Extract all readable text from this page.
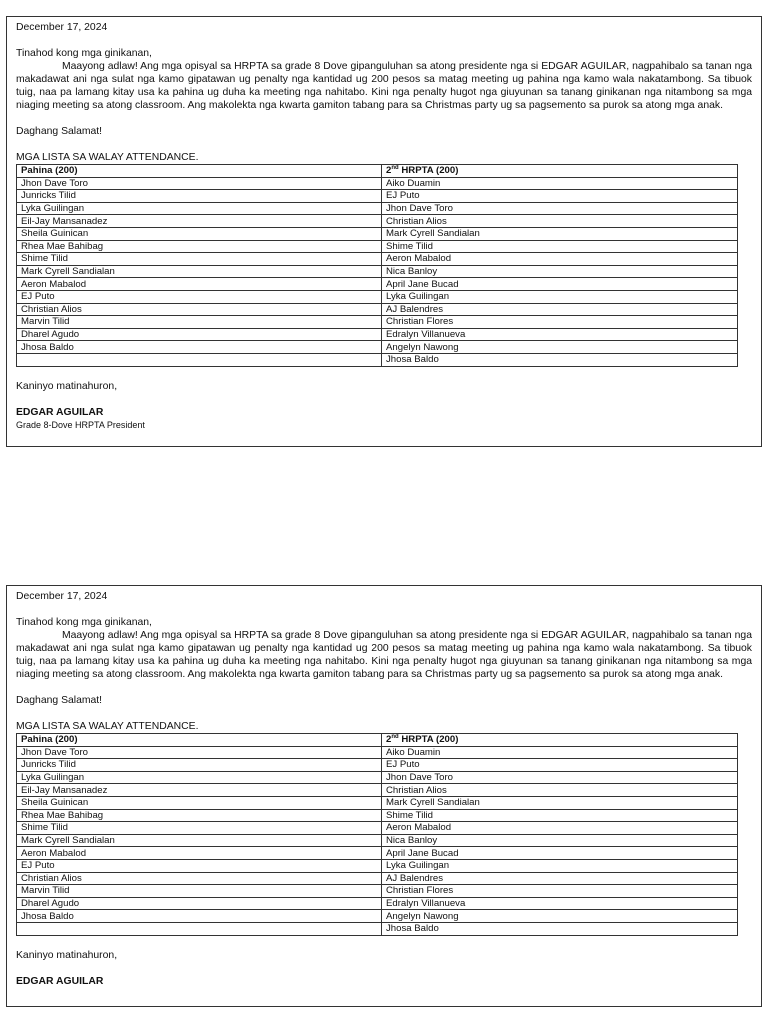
December 17, 2024
Tinahod kong mga ginikanan,
Maayong adlaw! Ang mga opisyal sa HRPTA sa grade 8 Dove gipanguluhan sa atong presidente nga si EDGAR AGUILAR, nagpahibalo sa tanan nga makadawat ani nga sulat nga kamo gipatawan ug penalty nga kantidad ug 200 pesos sa matag meeting ug pahina nga kamo wala nakatambong. Sa tibuok tuig, naa pa lamang kitay usa ka pahina ug duha ka meeting nga nahitabo. Kini nga penalty hugot nga giuyunan sa tanang ginikanan nga nitambong sa mga niaging meeting sa atong classroom. Ang makolekta nga kwarta gamiton tabang para sa Christmas party ug sa pagsemento sa purok sa atong mga anak.
Daghang Salamat!
MGA LISTA SA WALAY ATTENDANCE.
Pahina (200)	2nd HRPTA (200)
Jhon Dave Toro	Aiko Duamin
Junricks Tilid	EJ Puto
Lyka Guilingan	Jhon Dave Toro
Eil-Jay Mansanadez	Christian Alios
Sheila Guinican	Mark Cyrell Sandialan
Rhea Mae Bahibag	Shime Tilid
Shime Tilid	Aeron Mabalod
Mark Cyrell Sandialan	Nica Banloy
Aeron Mabalod	April Jane Bucad
EJ Puto	Lyka Guilingan
Christian Alios	AJ Balendres
Marvin Tilid	Christian Flores
Dharel Agudo	Edralyn Villanueva
Jhosa Baldo	Angelyn Nawong
	Jhosa Baldo
Kaninyo matinahuron,
EDGAR AGUILAR
Grade 8-Dove HRPTA President
December 17, 2024
Tinahod kong mga ginikanan,
Maayong adlaw! Ang mga opisyal sa HRPTA sa grade 8 Dove gipanguluhan sa atong presidente nga si EDGAR AGUILAR, nagpahibalo sa tanan nga makadawat ani nga sulat nga kamo gipatawan ug penalty nga kantidad ug 200 pesos sa matag meeting ug pahina nga kamo wala nakatambong. Sa tibuok tuig, naa pa lamang kitay usa ka pahina ug duha ka meeting nga nahitabo. Kini nga penalty hugot nga giuyunan sa tanang ginikanan nga nitambong sa mga niaging meeting sa atong classroom. Ang makolekta nga kwarta gamiton tabang para sa Christmas party ug sa pagsemento sa purok sa atong mga anak.
Daghang Salamat!
MGA LISTA SA WALAY ATTENDANCE.
Pahina (200)	2nd HRPTA (200)
Jhon Dave Toro	Aiko Duamin
Junricks Tilid	EJ Puto
Lyka Guilingan	Jhon Dave Toro
Eil-Jay Mansanadez	Christian Alios
Sheila Guinican	Mark Cyrell Sandialan
Rhea Mae Bahibag	Shime Tilid
Shime Tilid	Aeron Mabalod
Mark Cyrell Sandialan	Nica Banloy
Aeron Mabalod	April Jane Bucad
EJ Puto	Lyka Guilingan
Christian Alios	AJ Balendres
Marvin Tilid	Christian Flores
Dharel Agudo	Edralyn Villanueva
Jhosa Baldo	Angelyn Nawong
	Jhosa Baldo
Kaninyo matinahuron,
EDGAR AGUILAR
